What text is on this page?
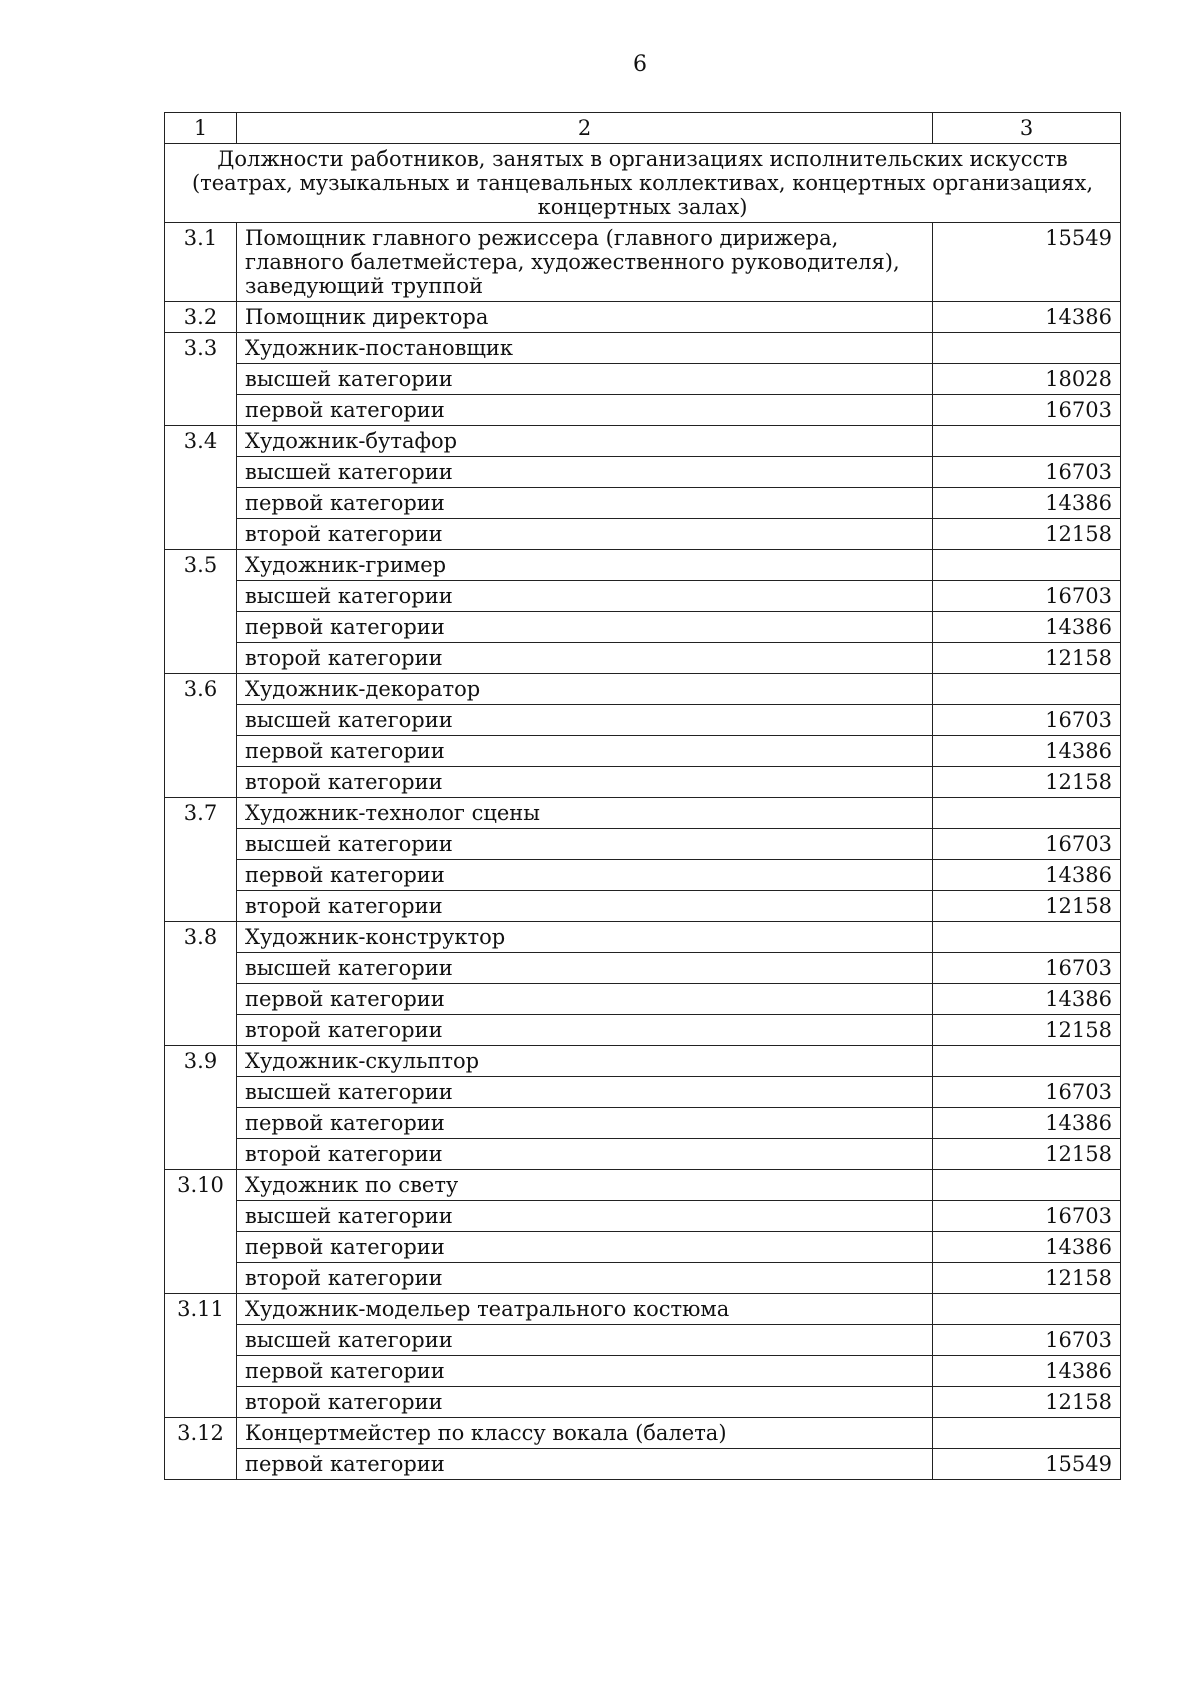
6
1	2	3
Должности работников, занятых в организациях исполнительских искусств (театрах, музыкальных и танцевальных коллективах, концертных организациях, концертных залах)		
3.1	Помощник главного режиссера (главного дирижера, главного балетмейстера, художественного руководителя), заведующий труппой	15549
3.2	Помощник директора	14386
3.3	Художник-постановщик	
	высшей категории	18028
	первой категории	16703
3.4	Художник-бутафор	
	высшей категории	16703
	первой категории	14386
	второй категории	12158
3.5	Художник-гример	
	высшей категории	16703
	первой категории	14386
	второй категории	12158
3.6	Художник-декоратор	
	высшей категории	16703
	первой категории	14386
	второй категории	12158
3.7	Художник-технолог сцены	
	высшей категории	16703
	первой категории	14386
	второй категории	12158
3.8	Художник-конструктор	
	высшей категории	16703
	первой категории	14386
	второй категории	12158
3.9	Художник-скульптор	
	высшей категории	16703
	первой категории	14386
	второй категории	12158
3.10	Художник по свету	
	высшей категории	16703
	первой категории	14386
	второй категории	12158
3.11	Художник-модельер театрального костюма	
	высшей категории	16703
	первой категории	14386
	второй категории	12158
3.12	Концертмейстер по классу вокала (балета)	
	первой категории	15549
